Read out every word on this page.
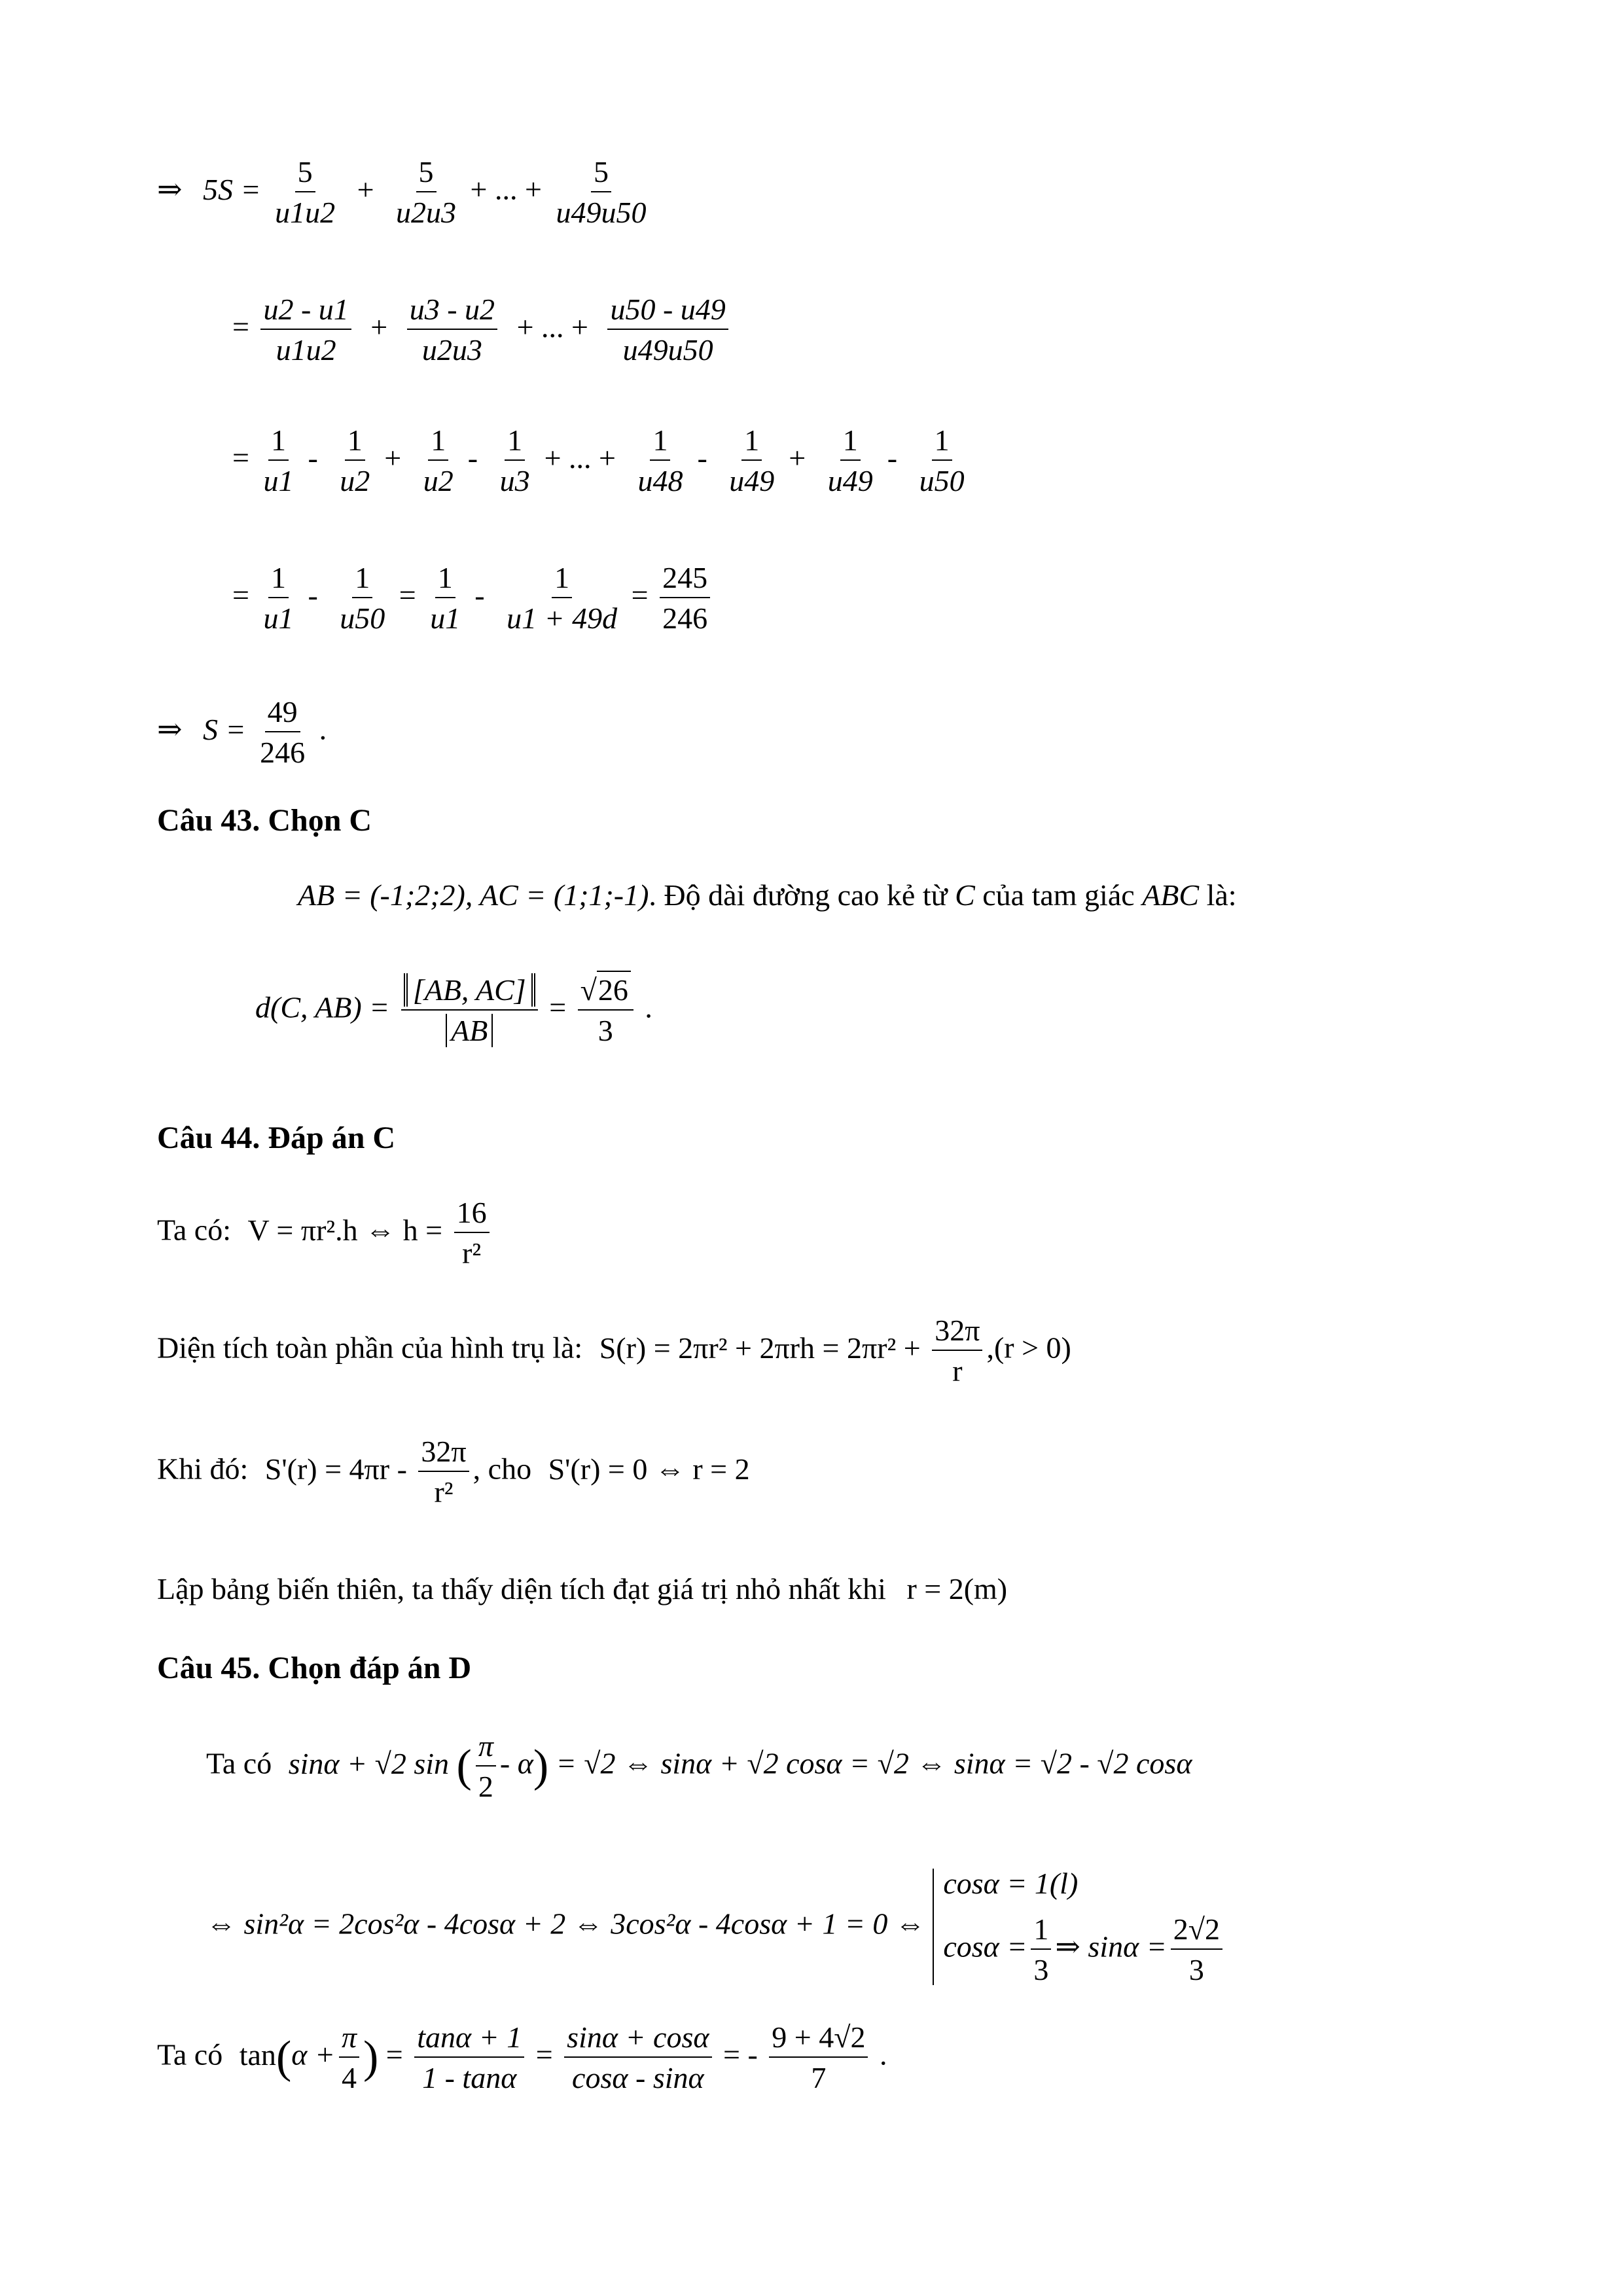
⇒ $5S = \frac{5}{u1u2} + \frac{5}{u2u3}$ + ... + $\frac{5}{u49u50}$
= $\frac{u2 - u1}{u1u2} + \frac{u3 - u2}{u2u3}$ + ... + $\frac{u50 - u49}{u49u50}$
= $\frac{1}{u1} - \frac{1}{u2} + \frac{1}{u2} - \frac{1}{u3}$ + ... + $\frac{1}{u48} - \frac{1}{u49} + \frac{1}{u49} - \frac{1}{u50}$
= $\frac{1}{u1} - \frac{1}{u50} = \frac{1}{u1} - \frac{1}{u1 + 49d} = \frac{245}{246}$
⇒ $S = \frac{49}{246}$ .
Câu 43. Chọn C
AB = (-1;2;2), AC = (1;1;-1). Độ dài đường cao kẻ từ C của tam giác ABC là:
d(C, $AB) = \frac{[AB, AC]}{AB} = \frac{√26}{3}$ .
Câu 44. Đáp án C
Ta có: V = πr².h ⇔ $h = \frac{16}{\text{r²}}$
Diện tích toàn phần của hình trụ là: $S(r) = 2\pi r^2 + 2\pi rh = 2\pi r^2 + \frac{32\pi}{r} ,(r > 0)$
Khi đó: $S'(r) = 4\pi r - \frac{32\pi}{\text{r²}}$ , cho S'(r) = 0 ⇔ r = 2
Lập bảng biến thiên, ta thấy diện tích đạt giá trị nhỏ nhất khi r = 2(m)
Câu 45. Chọn đáp án D
Ta có sinα + √2 sin ( $\frac{\pi}{2} - \alpha) = √2$ ⇔ sinα + √2 cosα = √2 ⇔ sinα = √2 - √2 cosα
⇔ sin²α = 2cos²α - 4cosα + 2 ⇔ 3cos²α - 4cosα + 1 = 0 ⇔
cosα = 1(l)
$\cos\alpha = \frac{1}{3}$ ⇒ $\sin\alpha = \frac{2√2}{3}$
Ta có $\tan(\alpha + \frac{\pi}{4}$ ) = $\frac{\tan\alpha + 1}{1 - \tan\alpha} = \frac{\sin\alpha + \cos\alpha}{\cos\alpha - \sin\alpha}$ = - $\frac{9 + 4√2}{7}$ .
